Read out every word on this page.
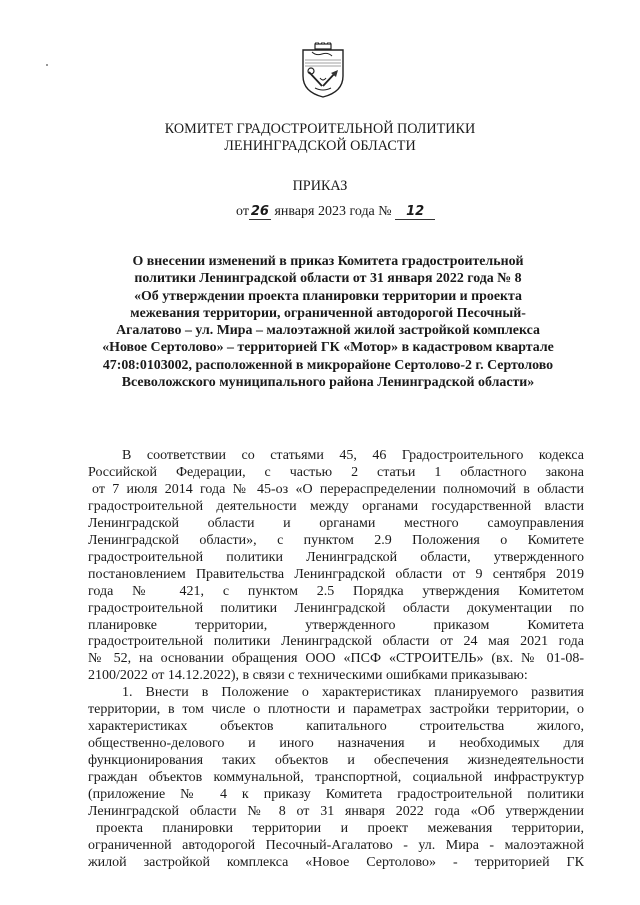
КОМИТЕТ ГРАДОСТРОИТЕЛЬНОЙ ПОЛИТИКИ
ЛЕНИНГРАДСКОЙ ОБЛАСТИ
ПРИКАЗ
от 26 января 2023 года № 12
О внесении изменений в приказ Комитета градостроительной
политики Ленинградской области от 31 января 2022 года № 8
«Об утверждении проекта планировки территории и проекта
межевания территории, ограниченной автодорогой Песочный-
Агалатово – ул. Мира – малоэтажной жилой застройкой комплекса
«Новое Сертолово» – территорией ГК «Мотор» в кадастровом квартале
47:08:0103002, расположенной в микрорайоне Сертолово-2 г. Сертолово
Всеволожского муниципального района Ленинградской области»
В соответствии со статьями 45, 46 Градостроительного кодекса
Российской Федерации, с частью 2 статьи 1 областного закона
от 7 июля 2014 года № 45-оз «О перераспределении полномочий в области
градостроительной деятельности между органами государственной власти
Ленинградской области и органами местного самоуправления
Ленинградской области», с пунктом 2.9 Положения о Комитете
градостроительной политики Ленинградской области, утвержденного
постановлением Правительства Ленинградской области от 9 сентября 2019
года № 421, с пунктом 2.5 Порядка утверждения Комитетом
градостроительной политики Ленинградской области документации по
планировке территории, утвержденного приказом Комитета
градостроительной политики Ленинградской области от 24 мая 2021 года
№ 52, на основании обращения ООО «ПСФ «СТРОИТЕЛЬ» (вх. № 01-08-
2100/2022 от 14.12.2022), в связи с техническими ошибками приказываю:
1. Внести в Положение о характеристиках планируемого развития
территории, в том числе о плотности и параметрах застройки территории, о
характеристиках объектов капитального строительства жилого,
общественно-делового и иного назначения и необходимых для
функционирования таких объектов и обеспечения жизнедеятельности
граждан объектов коммунальной, транспортной, социальной инфраструктур
(приложение № 4 к приказу Комитета градостроительной политики
Ленинградской области № 8 от 31 января 2022 года «Об утверждении
проекта планировки территории и проект межевания территории,
ограниченной автодорогой Песочный-Агалатово - ул. Мира - малоэтажной
жилой застройкой комплекса «Новое Сертолово» - территорией ГК
